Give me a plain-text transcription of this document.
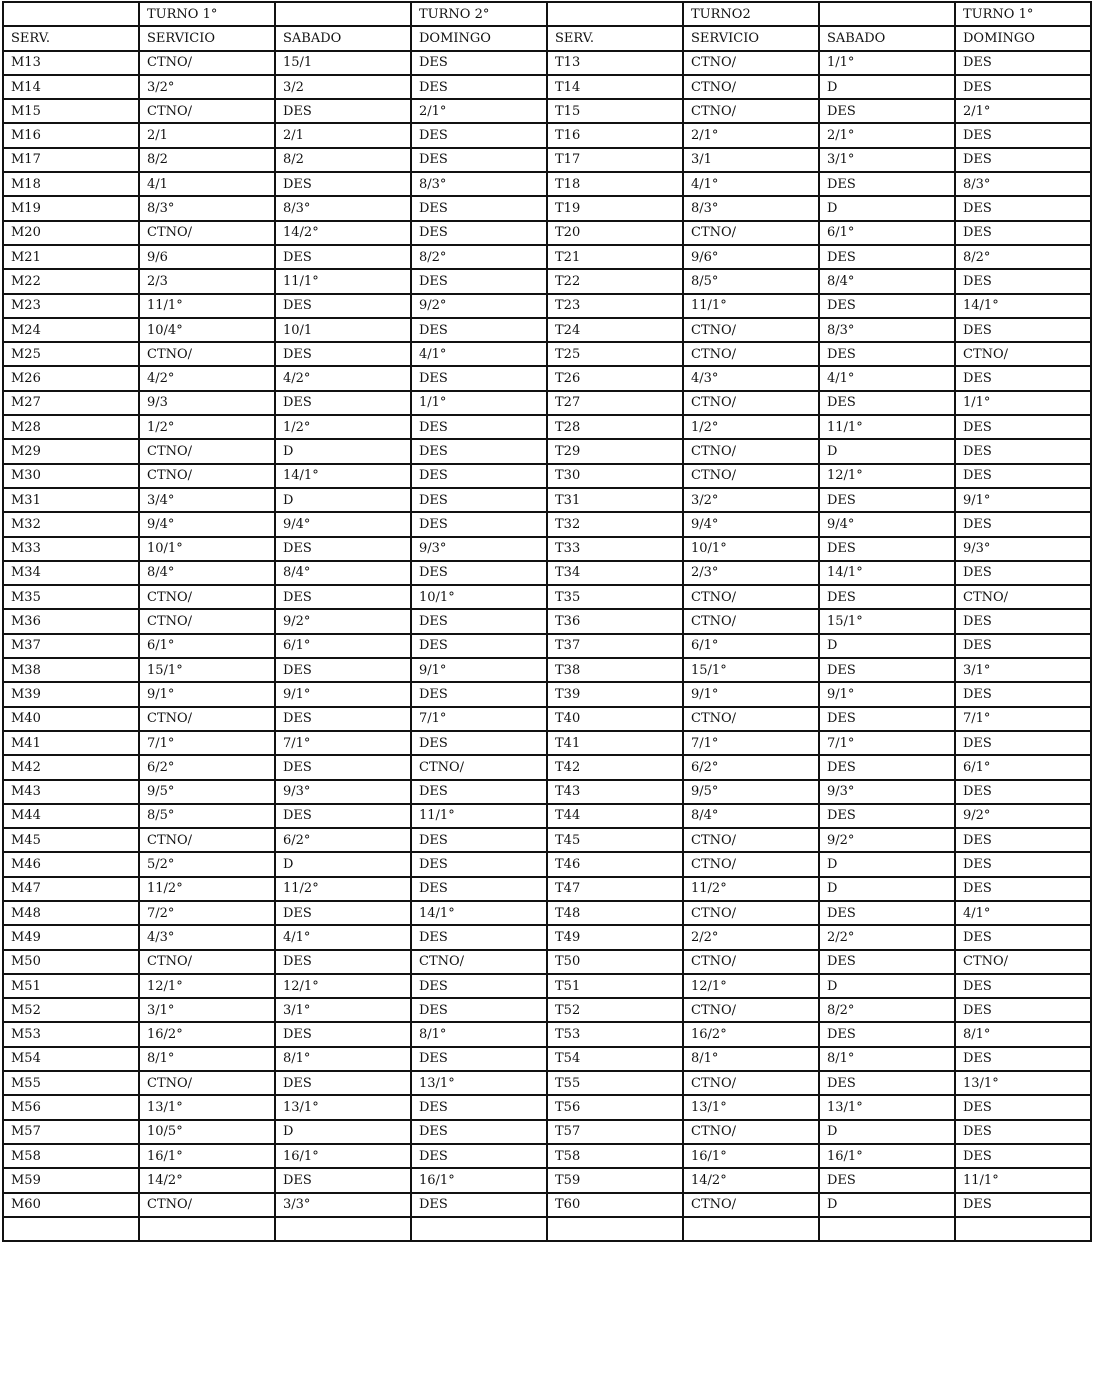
	TURNO 1°		TURNO 2°		TURNO2		TURNO 1°
SERV.	SERVICIO	SABADO	DOMINGO	SERV.	SERVICIO	SABADO	DOMINGO
M13	CTNO/	15/1	DES	T13	CTNO/	1/1°	DES
M14	3/2°	3/2	DES	T14	CTNO/	D	DES
M15	CTNO/	DES	2/1°	T15	CTNO/	DES	2/1°
M16	2/1	2/1	DES	T16	2/1°	2/1°	DES
M17	8/2	8/2	DES	T17	3/1	3/1°	DES
M18	4/1	DES	8/3°	T18	4/1°	DES	8/3°
M19	8/3°	8/3°	DES	T19	8/3°	D	DES
M20	CTNO/	14/2°	DES	T20	CTNO/	6/1°	DES
M21	9/6	DES	8/2°	T21	9/6°	DES	8/2°
M22	2/3	11/1°	DES	T22	8/5°	8/4°	DES
M23	11/1°	DES	9/2°	T23	11/1°	DES	14/1°
M24	10/4°	10/1	DES	T24	CTNO/	8/3°	DES
M25	CTNO/	DES	4/1°	T25	CTNO/	DES	CTNO/
M26	4/2°	4/2°	DES	T26	4/3°	4/1°	DES
M27	9/3	DES	1/1°	T27	CTNO/	DES	1/1°
M28	1/2°	1/2°	DES	T28	1/2°	11/1°	DES
M29	CTNO/	D	DES	T29	CTNO/	D	DES
M30	CTNO/	14/1°	DES	T30	CTNO/	12/1°	DES
M31	3/4°	D	DES	T31	3/2°	DES	9/1°
M32	9/4°	9/4°	DES	T32	9/4°	9/4°	DES
M33	10/1°	DES	9/3°	T33	10/1°	DES	9/3°
M34	8/4°	8/4°	DES	T34	2/3°	14/1°	DES
M35	CTNO/	DES	10/1°	T35	CTNO/	DES	CTNO/
M36	CTNO/	9/2°	DES	T36	CTNO/	15/1°	DES
M37	6/1°	6/1°	DES	T37	6/1°	D	DES
M38	15/1°	DES	9/1°	T38	15/1°	DES	3/1°
M39	9/1°	9/1°	DES	T39	9/1°	9/1°	DES
M40	CTNO/	DES	7/1°	T40	CTNO/	DES	7/1°
M41	7/1°	7/1°	DES	T41	7/1°	7/1°	DES
M42	6/2°	DES	CTNO/	T42	6/2°	DES	6/1°
M43	9/5°	9/3°	DES	T43	9/5°	9/3°	DES
M44	8/5°	DES	11/1°	T44	8/4°	DES	9/2°
M45	CTNO/	6/2°	DES	T45	CTNO/	9/2°	DES
M46	5/2°	D	DES	T46	CTNO/	D	DES
M47	11/2°	11/2°	DES	T47	11/2°	D	DES
M48	7/2°	DES	14/1°	T48	CTNO/	DES	4/1°
M49	4/3°	4/1°	DES	T49	2/2°	2/2°	DES
M50	CTNO/	DES	CTNO/	T50	CTNO/	DES	CTNO/
M51	12/1°	12/1°	DES	T51	12/1°	D	DES
M52	3/1°	3/1°	DES	T52	CTNO/	8/2°	DES
M53	16/2°	DES	8/1°	T53	16/2°	DES	8/1°
M54	8/1°	8/1°	DES	T54	8/1°	8/1°	DES
M55	CTNO/	DES	13/1°	T55	CTNO/	DES	13/1°
M56	13/1°	13/1°	DES	T56	13/1°	13/1°	DES
M57	10/5°	D	DES	T57	CTNO/	D	DES
M58	16/1°	16/1°	DES	T58	16/1°	16/1°	DES
M59	14/2°	DES	16/1°	T59	14/2°	DES	11/1°
M60	CTNO/	3/3°	DES	T60	CTNO/	D	DES
